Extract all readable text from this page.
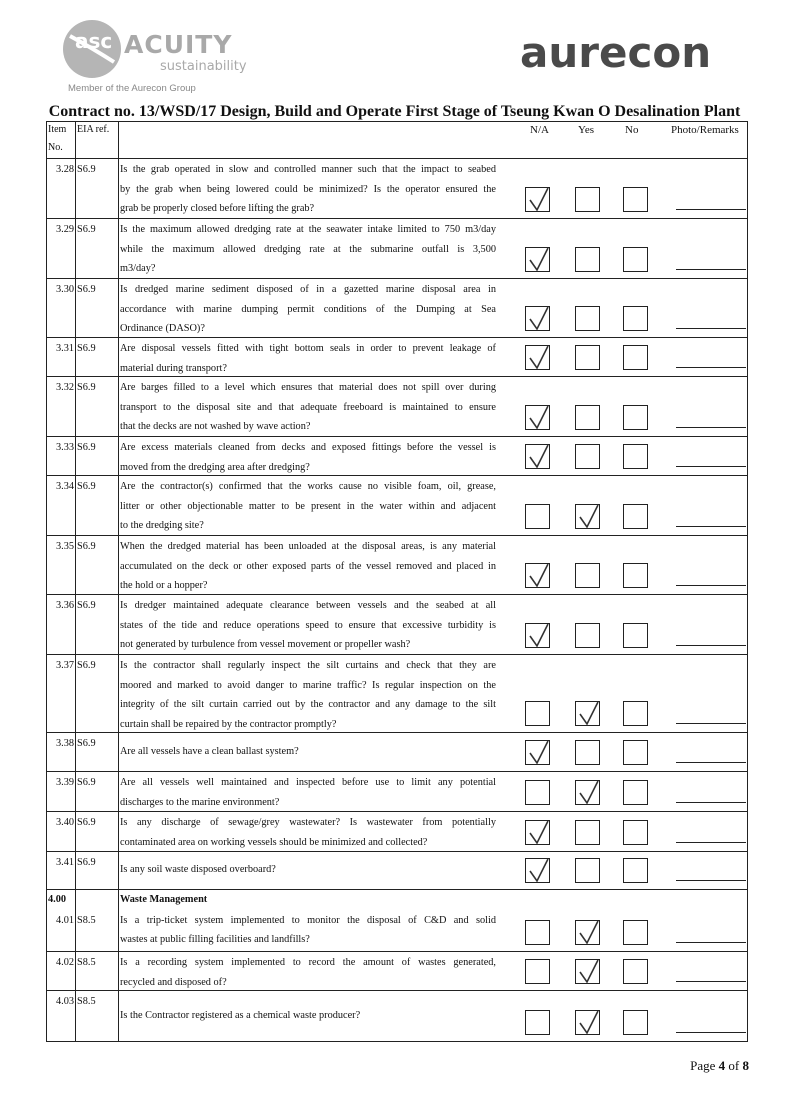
asc ACUITY
sustainability
Member of the Aurecon Group
aurecon
Contract no. 13/WSD/17 Design, Build and Operate First Stage of Tseung Kwan O Desalination Plant
Item
No.
EIA ref.	N/A	Yes	No	Photo/Remarks
3.28 S6.9 Is the grab operated in slow and controlled manner such that the impact to seabed
by the grab when being lowered could be minimized? Is the operator ensured the
grab be properly closed before lifting the grab?
3.29 S6.9 Is the maximum allowed dredging rate at the seawater intake limited to 750 m3/day
while the maximum allowed dredging rate at the submarine outfall is 3,500
m3/day?
3.30 S6.9 Is dredged marine sediment disposed of in a gazetted marine disposal area in
accordance with marine dumping permit conditions of the Dumping at Sea
Ordinance (DASO)?
3.31 S6.9 Are disposal vessels fitted with tight bottom seals in order to prevent leakage of
material during transport?
3.32 S6.9 Are barges filled to a level which ensures that material does not spill over during
transport to the disposal site and that adequate freeboard is maintained to ensure
that the decks are not washed by wave action?
3.33 S6.9 Are excess materials cleaned from decks and exposed fittings before the vessel is
moved from the dredging area after dredging?
3.34 S6.9 Are the contractor(s) confirmed that the works cause no visible foam, oil, grease,
litter or other objectionable matter to be present in the water within and adjacent
to the dredging site?
3.35 S6.9 When the dredged material has been unloaded at the disposal areas, is any material
accumulated on the deck or other exposed parts of the vessel removed and placed in
the hold or a hopper?
3.36 S6.9 Is dredger maintained adequate clearance between vessels and the seabed at all
states of the tide and reduce operations speed to ensure that excessive turbidity is
not generated by turbulence from vessel movement or propeller wash?
3.37 S6.9 Is the contractor shall regularly inspect the silt curtains and check that they are
moored and marked to avoid danger to marine traffic? Is regular inspection on the
integrity of the silt curtain carried out by the contractor and any damage to the silt
curtain shall be repaired by the contractor promptly?
3.38 S6.9
Are all vessels have a clean ballast system?
3.39 S6.9 Are all vessels well maintained and inspected before use to limit any potential
discharges to the marine environment?
3.40 S6.9 Is any discharge of sewage/grey wastewater? Is wastewater from potentially
contaminated area on working vessels should be minimized and collected?
3.41 S6.9
Is any soil waste disposed overboard?
4.00	Waste Management
4.01 S8.5 Is a trip-ticket system implemented to monitor the disposal of C&D and solid
wastes at public filling facilities and landfills?
4.02 S8.5 Is a recording system implemented to record the amount of wastes generated,
recycled and disposed of?
4.03 S8.5
Is the Contractor registered as a chemical waste producer?
Page 4 of 8
